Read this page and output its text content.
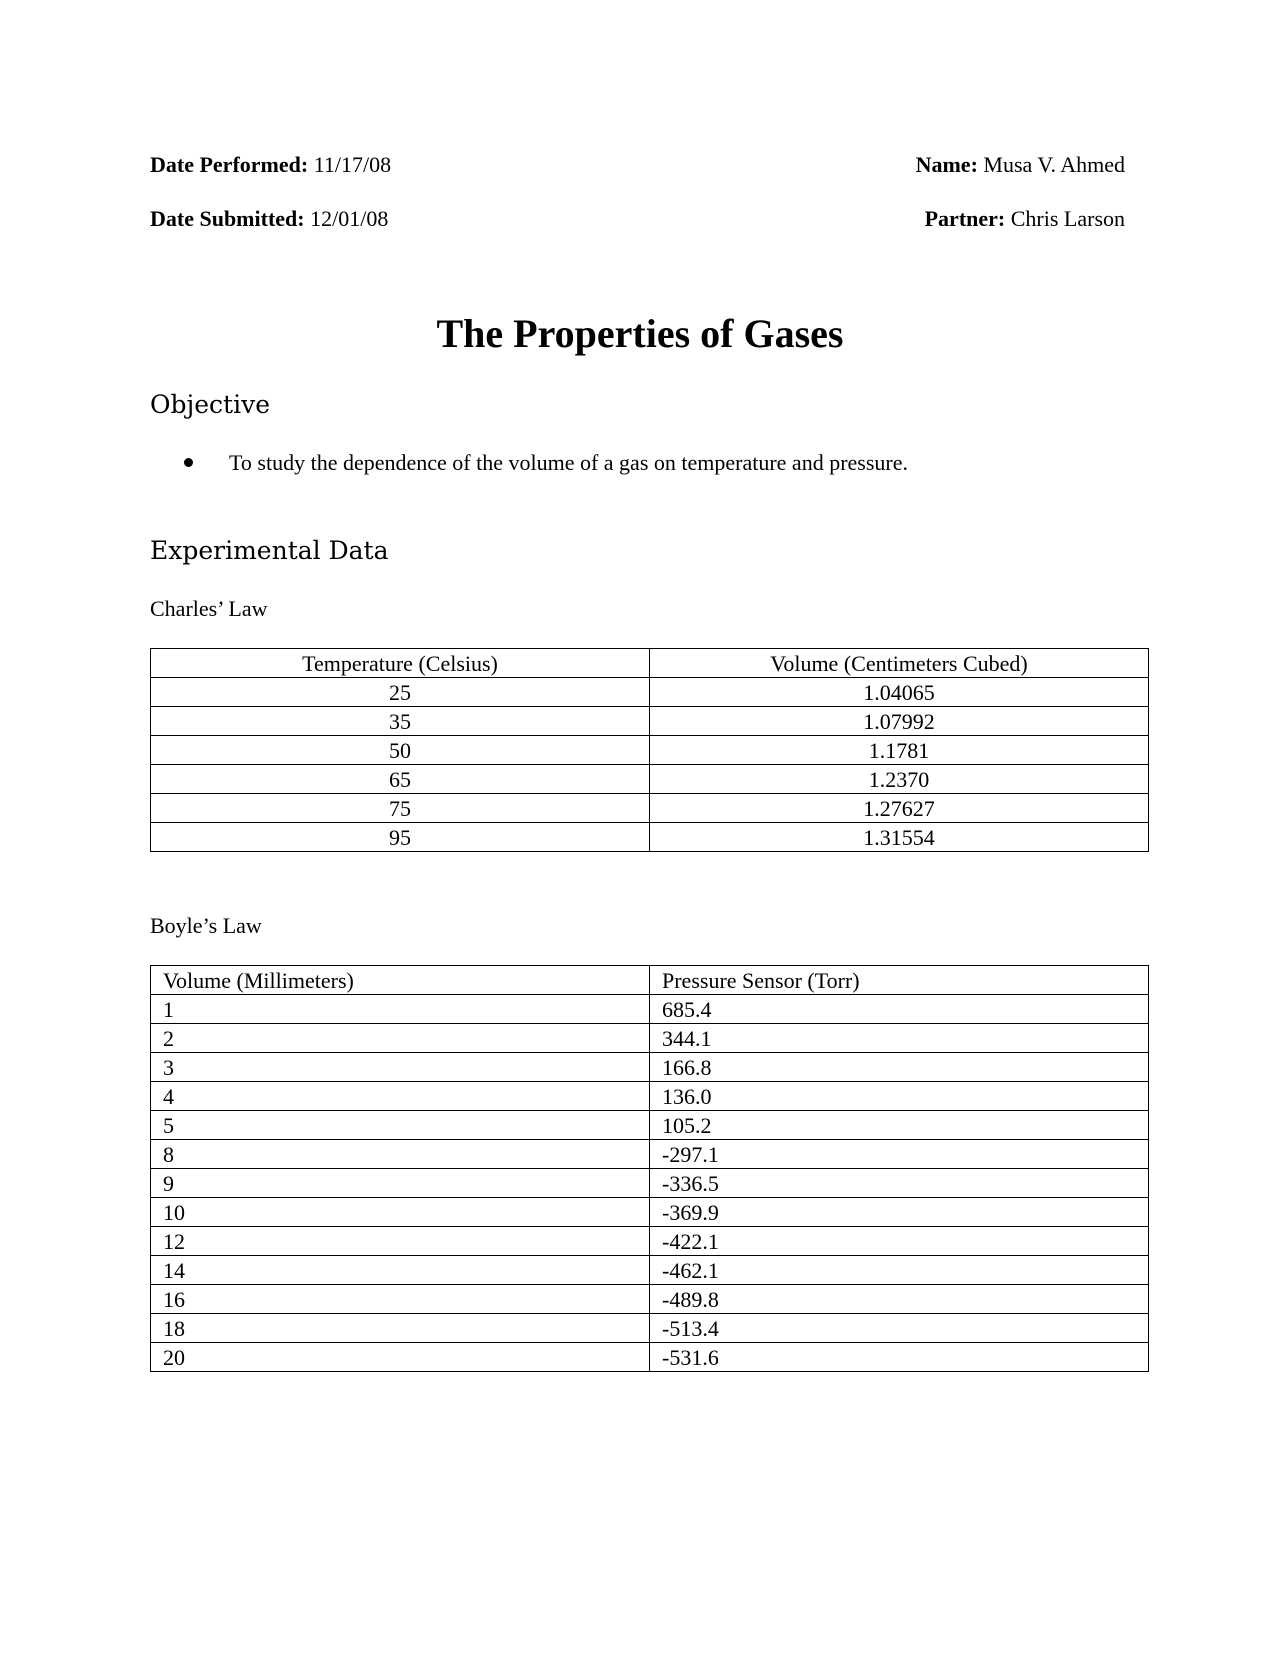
Date Performed: 11/17/08
Date Submitted: 12/01/08
Name: Musa V. Ahmed
Partner: Chris Larson
The Properties of Gases
Objective
To study the dependence of the volume of a gas on temperature and pressure.
Experimental Data

Charles’ Law

Temperature (Celsius)	Volume (Centimeters Cubed)
25	1.04065
35	1.07992
50	1.1781
65	1.2370
75	1.27627
95	1.31554

Boyle’s Law

Volume (Millimeters)	Pressure Sensor (Torr)
1	685.4
2	344.1
3	166.8
4	136.0
5	105.2
8	-297.1
9	-336.5
10	-369.9
12	-422.1
14	-462.1
16	-489.8
18	-513.4
20	-531.6
